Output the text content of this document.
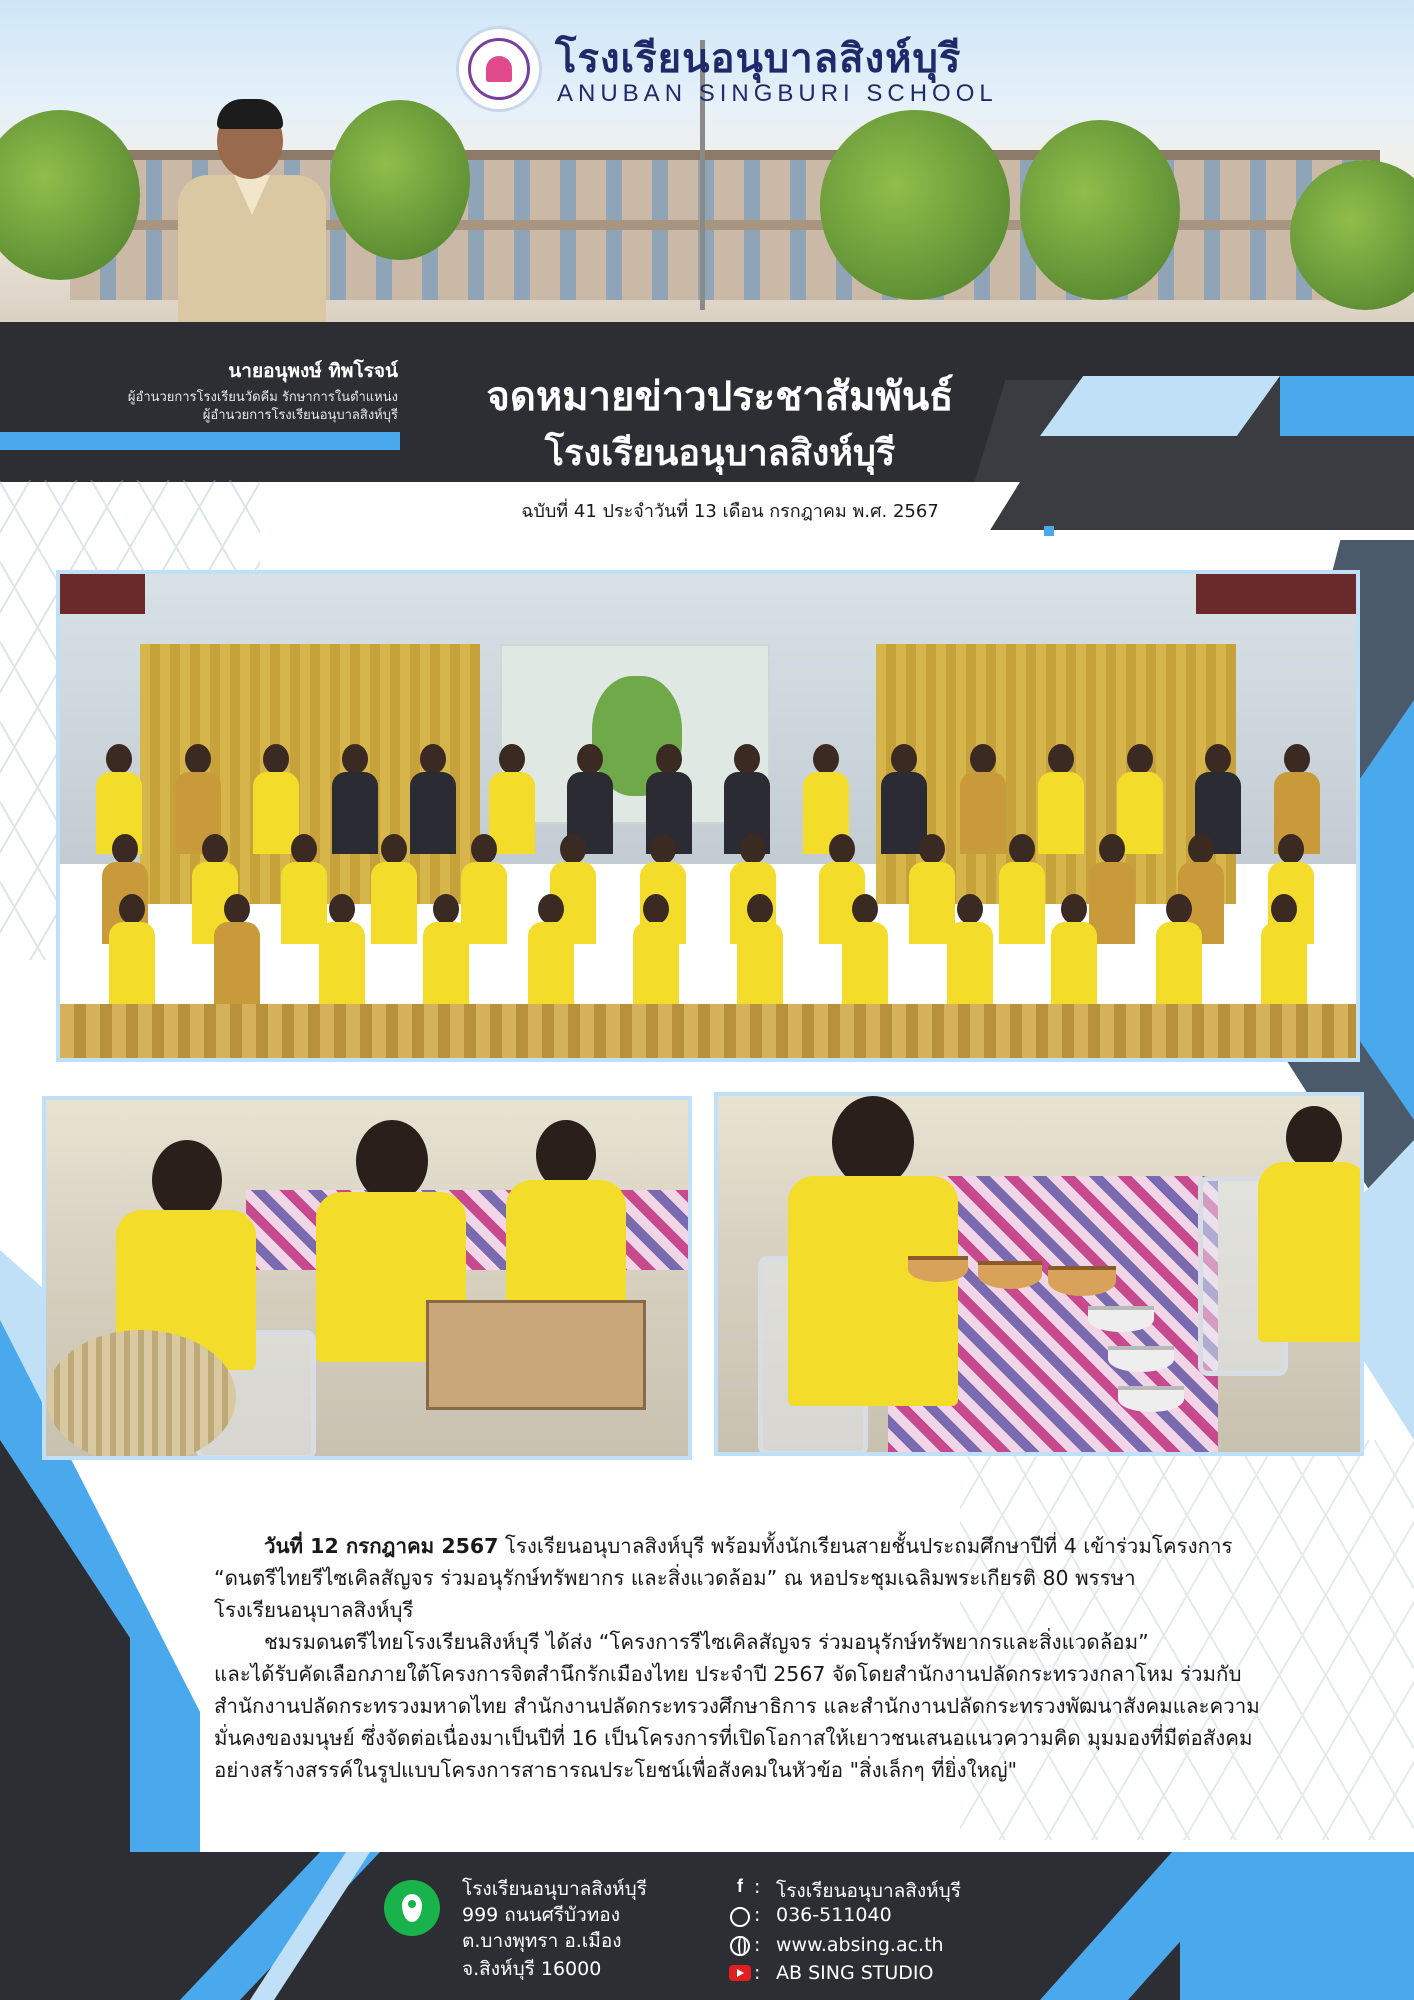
โรงเรียนอนุบาลสิงห์บุรี
ANUBAN SINGBURI SCHOOL
นายอนุพงษ์ ทิพโรจน์
ผู้อำนวยการโรงเรียนวัดคีม รักษาการในตำแหน่ง
ผู้อำนวยการโรงเรียนอนุบาลสิงห์บุรี	จดหมายข่าวประชาสัมพันธ์
โรงเรียนอนุบาลสิงห์บุรี
ฉบับที่ 41 ประจำวันที่ 13 เดือน กรกฎาคม พ.ศ. 2567

วันที่ 12 กรกฎาคม 2567 โรงเรียนอนุบาลสิงห์บุรี พร้อมทั้งนักเรียนสายชั้นประถมศึกษาปีที่ 4 เข้าร่วมโครงการ

“ดนตรีไทยรีไซเคิลสัญจร ร่วมอนุรักษ์ทรัพยากร และสิ่งแวดล้อม” ณ หอประชุมเฉลิมพระเกียรติ 80 พรรษา

โรงเรียนอนุบาลสิงห์บุรี

ชมรมดนตรีไทยโรงเรียนสิงห์บุรี ได้ส่ง “โครงการรีไซเคิลสัญจร ร่วมอนุรักษ์ทรัพยากรและสิ่งแวดล้อม”

และได้รับคัดเลือกภายใต้โครงการจิตสำนึกรักเมืองไทย ประจำปี 2567 จัดโดยสำนักงานปลัดกระทรวงกลาโหม ร่วมกับ

สำนักงานปลัดกระทรวงมหาดไทย สำนักงานปลัดกระทรวงศึกษาธิการ และสำนักงานปลัดกระทรวงพัฒนาสังคมและความ

มั่นคงของมนุษย์ ซึ่งจัดต่อเนื่องมาเป็นปีที่ 16 เป็นโครงการที่เปิดโอกาสให้เยาวชนเสนอแนวความคิด มุมมองที่มีต่อสังคม

อย่างสร้างสรรค์ในรูปแบบโครงการสาธารณประโยชน์เพื่อสังคมในหัวข้อ "สิ่งเล็กๆ ที่ยิ่งใหญ่"

โรงเรียนอนุบาลสิงห์บุรี
999 ถนนศรีบัวทอง
ต.บางพุทรา อ.เมือง
จ.สิงห์บุรี 16000
f : โรงเรียนอนุบาลสิงห์บุรี
: 036-511040
: www.absing.ac.th
: AB SING STUDIO
